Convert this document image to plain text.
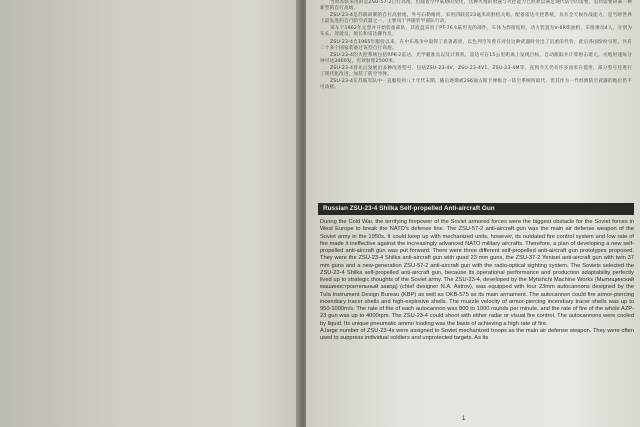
当时苏联采用的是ZSU-57-2自行高炮，但随着空中威胁的变化，这种火炮的射速与火控能力已经难以满足现代防空的需要，迫切需要研制一种新型的自行高炮。

ZSU-23-4是苏联研制的自行高射炮，外号石勒喀河，采用四联装23毫米高射机关炮，配备雷达火控系统，具有全天候作战能力，是当时世界上最先进的自行防空武器之一，主要用于伴随装甲部队行动。

该车于1962年定型并开始装备部队，其底盘采用了PT-76水陆坦克的部件，车体为焊接结构，动力装置为V-6R柴油机，车组乘员4人，分别为车长、驾驶员、炮长和雷达操作员。

ZSU-23-4自1965年服役以来，在中东战争中取得了显著战果，以色列空军曾在对付这种武器时付出了沉重的代价，此后各国纷纷引进，共有二十多个国家装备过该型自行高炮。

ZSU-23-4的火控系统包括RPK-2雷达、光学瞄准具以及计算机，雷达可在15公里距离上发现目标，自动跟踪并计算射击诸元，火炮射速每分钟可达3400发，有效射程2500米。

ZSU-23-4曾先后发展出多种改进型号，包括ZSU-23-4V、ZSU-23-4V1、ZSU-23-4M等，直到今天仍有许多国家在使用，部分型号还进行了现代化改进，加装了防空导弹。

ZSU-23-4在苏联军队中一直服役到八十年代末期，随后逐渐被2S6通古斯卡弹炮合一防空系统所取代，但其作为一代经典防空武器的地位仍不可动摇。

Russian ZSU-23-4 Shilka Self-propelled Anti-aircraft Gun

During the Cold War, the terrifying firepower of the Soviet armored forces were the biggest obstacle for the Soviet forces in West Europe to break the NATO's defense line. The ZSU-57-2 anti-aircraft gun was the main air defense weapon of the Soviet army in the 1950s. It could keep up with mechanized units, however, its outdated fire control system and low rate of fire made it ineffective against the increasingly advanced NATO military aircrafts. Therefore, a plan of developing a new self-propelled anti-aircraft gun was put forward. There were three different self-propelled anti-aircraft gun prototypes proposed. They were the ZSU-23-4 Shilka anti-aircraft gun with quad 23 mm guns, the ZSU-37-2 Yenisei anti-aircraft gun with twin 37 mm guns and a new-generation ZSU-57-2 anti-aircraft gun with the radio-optical sighting system. The Soviets selected the ZSU-23-4 Shilka self-propelled anti-aircraft gun, because its operational performance and production adaptability perfectly lived up to strategic thoughts of the Soviet army. The ZSU-23-4, developed by the Mytishchi Machine Works (Мытищинский машиностроительный завод) (chief designer N.A. Astrov), was equipped with four 23mm autocannons designed by the Tula Instrument Design Bureau (KBP) as well as OKB-575 as its main armament. The autocannon could fire armor-piercing incendiary tracer shells and high-explosive shells. The muzzle velocity of armor-piercing incendiary tracer shells was up to 950-1000m/s. The rate of fire of each autocannon was 800 to 1000 rounds per minute, and the rate of fire of the whole AZP-23 gun was up to 4000rpm. The ZSU-23-4 could shoot with either radar or visual fire control. The autocannons were cooled by liquid. Its unique pneumatic ammo loading was the basis of achieving a high rate of fire.

A large number of ZSU-23-4s were assigned to Soviet mechanized troops as the main air defense weapon. They were often used to suppress individual soldiers and unprotected targets. As its

1
